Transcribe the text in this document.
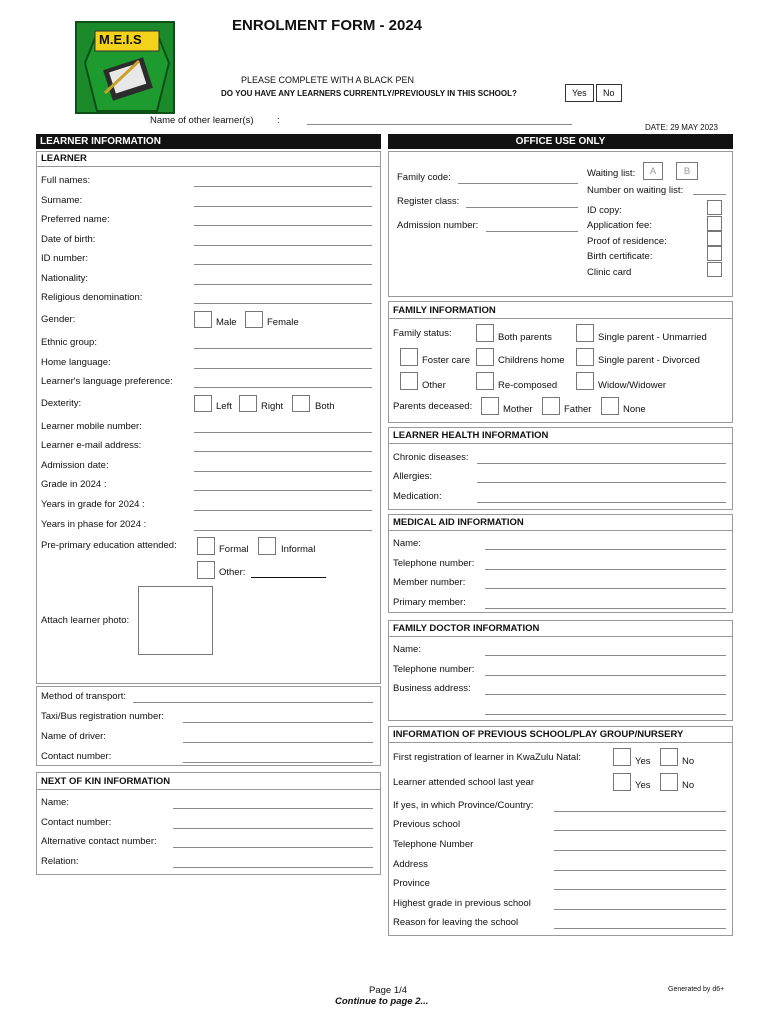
M.E.I.S
ENROLMENT FORM - 2024
PLEASE COMPLETE WITH A BLACK PEN
DO YOU HAVE ANY LEARNERS CURRENTLY/PREVIOUSLY IN THIS SCHOOL?	Yes	No
Name of other learner(s) :
DATE: 29 MAY 2023
LEARNER INFORMATION
LEARNER
Full names:
Surname:
Preferred name:
Date of birth:
ID number:
Nationality:
Religious denomination:
Gender:	Male	Female
Ethnic group:
Home language:
Learner's language preference:
Dexterity:	Left	Right	Both
Learner mobile number:
Learner e-mail address:
Admission date:
Grade in 2024 :
Years in grade for 2024 :
Years in phase for 2024 :
Pre-primary education attended:	Formal	Informal
Other:
Attach learner photo:
Method of transport:
Taxi/Bus registration number:
Name of driver:
Contact number:
NEXT OF KIN INFORMATION
Name:
Contact number:
Alternative contact number:
Relation:
OFFICE USE ONLY
Family code:
Register class:
Admission number:
Waiting list:	A	B
Number on waiting list:
ID copy:
Application fee:
Proof of residence:
Birth certificate:
Clinic card
FAMILY INFORMATION
Family status:	Both parents	Single parent - Unmarried
Foster care	Childrens home	Single parent - Divorced
Other	Re-composed	Widow/Widower
Parents deceased:	Mother	Father	None
LEARNER HEALTH INFORMATION
Chronic diseases:
Allergies:
Medication:
MEDICAL AID INFORMATION
Name:
Telephone number:
Member number:
Primary member:
FAMILY DOCTOR INFORMATION
Name:
Telephone number:
Business address:
INFORMATION OF PREVIOUS SCHOOL/PLAY GROUP/NURSERY
First registration of learner in KwaZulu Natal:	Yes	No
Learner attended school last year	Yes	No
If yes, in which Province/Country:
Previous school
Telephone Number
Address
Province
Highest grade in previous school
Reason for leaving the school
Page 1/4
Continue to page 2...
Generated by d6+
